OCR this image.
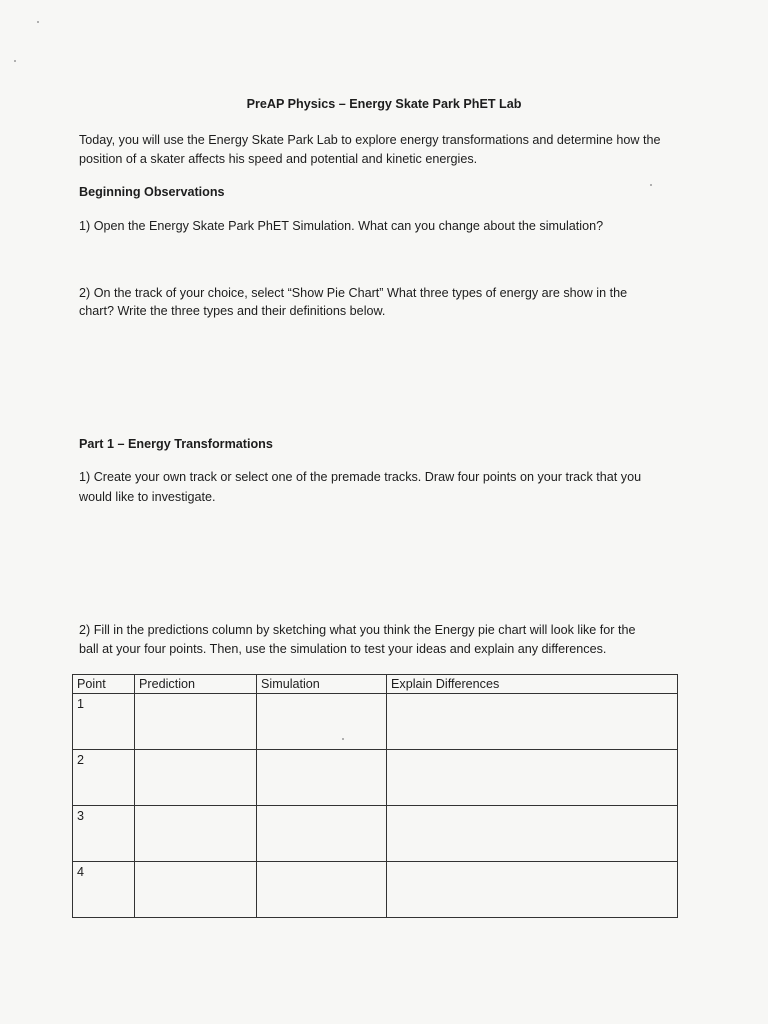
PreAP Physics – Energy Skate Park PhET Lab
Today, you will use the Energy Skate Park Lab to explore energy transformations and determine how the
position of a skater affects his speed and potential and kinetic energies.
Beginning Observations
1) Open the Energy Skate Park PhET Simulation. What can you change about the simulation?
2) On the track of your choice, select “Show Pie Chart” What three types of energy are show in the
chart? Write the three types and their definitions below.
Part 1 – Energy Transformations
1) Create your own track or select one of the premade tracks. Draw four points on your track that you
would like to investigate.
2) Fill in the predictions column by sketching what you think the Energy pie chart will look like for the
ball at your four points. Then, use the simulation to test your ideas and explain any differences.
Point	Prediction	Simulation	Explain Differences
1			
2			
3			
4			
